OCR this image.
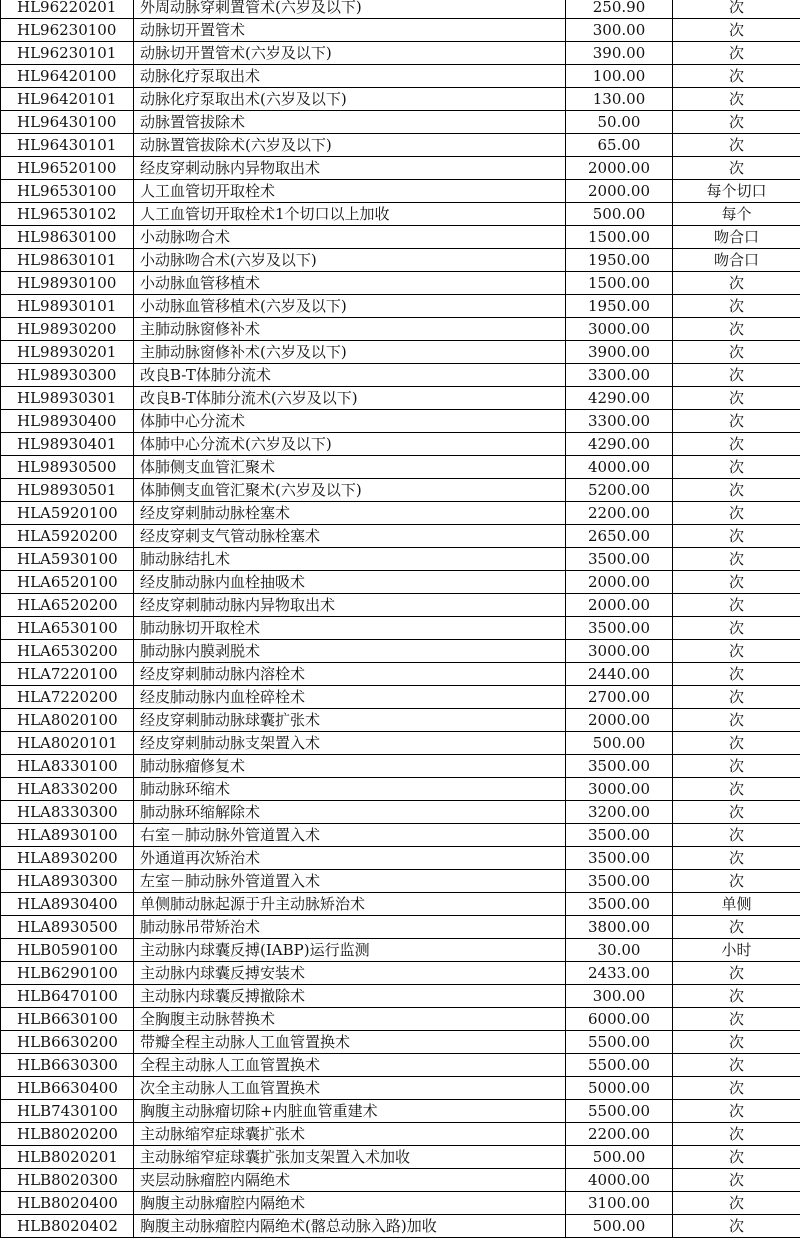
HL96220201	外周动脉穿刺置管术(六岁及以下)	250.90	次
HL96230100	动脉切开置管术	300.00	次
HL96230101	动脉切开置管术(六岁及以下)	390.00	次
HL96420100	动脉化疗泵取出术	100.00	次
HL96420101	动脉化疗泵取出术(六岁及以下)	130.00	次
HL96430100	动脉置管拔除术	50.00	次
HL96430101	动脉置管拔除术(六岁及以下)	65.00	次
HL96520100	经皮穿刺动脉内异物取出术	2000.00	次
HL96530100	人工血管切开取栓术	2000.00	每个切口
HL96530102	人工血管切开取栓术1个切口以上加收	500.00	每个
HL98630100	小动脉吻合术	1500.00	吻合口
HL98630101	小动脉吻合术(六岁及以下)	1950.00	吻合口
HL98930100	小动脉血管移植术	1500.00	次
HL98930101	小动脉血管移植术(六岁及以下)	1950.00	次
HL98930200	主肺动脉窗修补术	3000.00	次
HL98930201	主肺动脉窗修补术(六岁及以下)	3900.00	次
HL98930300	改良B-T体肺分流术	3300.00	次
HL98930301	改良B-T体肺分流术(六岁及以下)	4290.00	次
HL98930400	体肺中心分流术	3300.00	次
HL98930401	体肺中心分流术(六岁及以下)	4290.00	次
HL98930500	体肺侧支血管汇聚术	4000.00	次
HL98930501	体肺侧支血管汇聚术(六岁及以下)	5200.00	次
HLA5920100	经皮穿刺肺动脉栓塞术	2200.00	次
HLA5920200	经皮穿刺支气管动脉栓塞术	2650.00	次
HLA5930100	肺动脉结扎术	3500.00	次
HLA6520100	经皮肺动脉内血栓抽吸术	2000.00	次
HLA6520200	经皮穿刺肺动脉内异物取出术	2000.00	次
HLA6530100	肺动脉切开取栓术	3500.00	次
HLA6530200	肺动脉内膜剥脱术	3000.00	次
HLA7220100	经皮穿刺肺动脉内溶栓术	2440.00	次
HLA7220200	经皮肺动脉内血栓碎栓术	2700.00	次
HLA8020100	经皮穿刺肺动脉球囊扩张术	2000.00	次
HLA8020101	经皮穿刺肺动脉支架置入术	500.00	次
HLA8330100	肺动脉瘤修复术	3500.00	次
HLA8330200	肺动脉环缩术	3000.00	次
HLA8330300	肺动脉环缩解除术	3200.00	次
HLA8930100	右室－肺动脉外管道置入术	3500.00	次
HLA8930200	外通道再次矫治术	3500.00	次
HLA8930300	左室－肺动脉外管道置入术	3500.00	次
HLA8930400	单侧肺动脉起源于升主动脉矫治术	3500.00	单侧
HLA8930500	肺动脉吊带矫治术	3800.00	次
HLB0590100	主动脉内球囊反搏(IABP)运行监测	30.00	小时
HLB6290100	主动脉内球囊反搏安装术	2433.00	次
HLB6470100	主动脉内球囊反搏撤除术	300.00	次
HLB6630100	全胸腹主动脉替换术	6000.00	次
HLB6630200	带瓣全程主动脉人工血管置换术	5500.00	次
HLB6630300	全程主动脉人工血管置换术	5500.00	次
HLB6630400	次全主动脉人工血管置换术	5000.00	次
HLB7430100	胸腹主动脉瘤切除+内脏血管重建术	5500.00	次
HLB8020200	主动脉缩窄症球囊扩张术	2200.00	次
HLB8020201	主动脉缩窄症球囊扩张加支架置入术加收	500.00	次
HLB8020300	夹层动脉瘤腔内隔绝术	4000.00	次
HLB8020400	胸腹主动脉瘤腔内隔绝术	3100.00	次
HLB8020402	胸腹主动脉瘤腔内隔绝术(髂总动脉入路)加收	500.00	次
